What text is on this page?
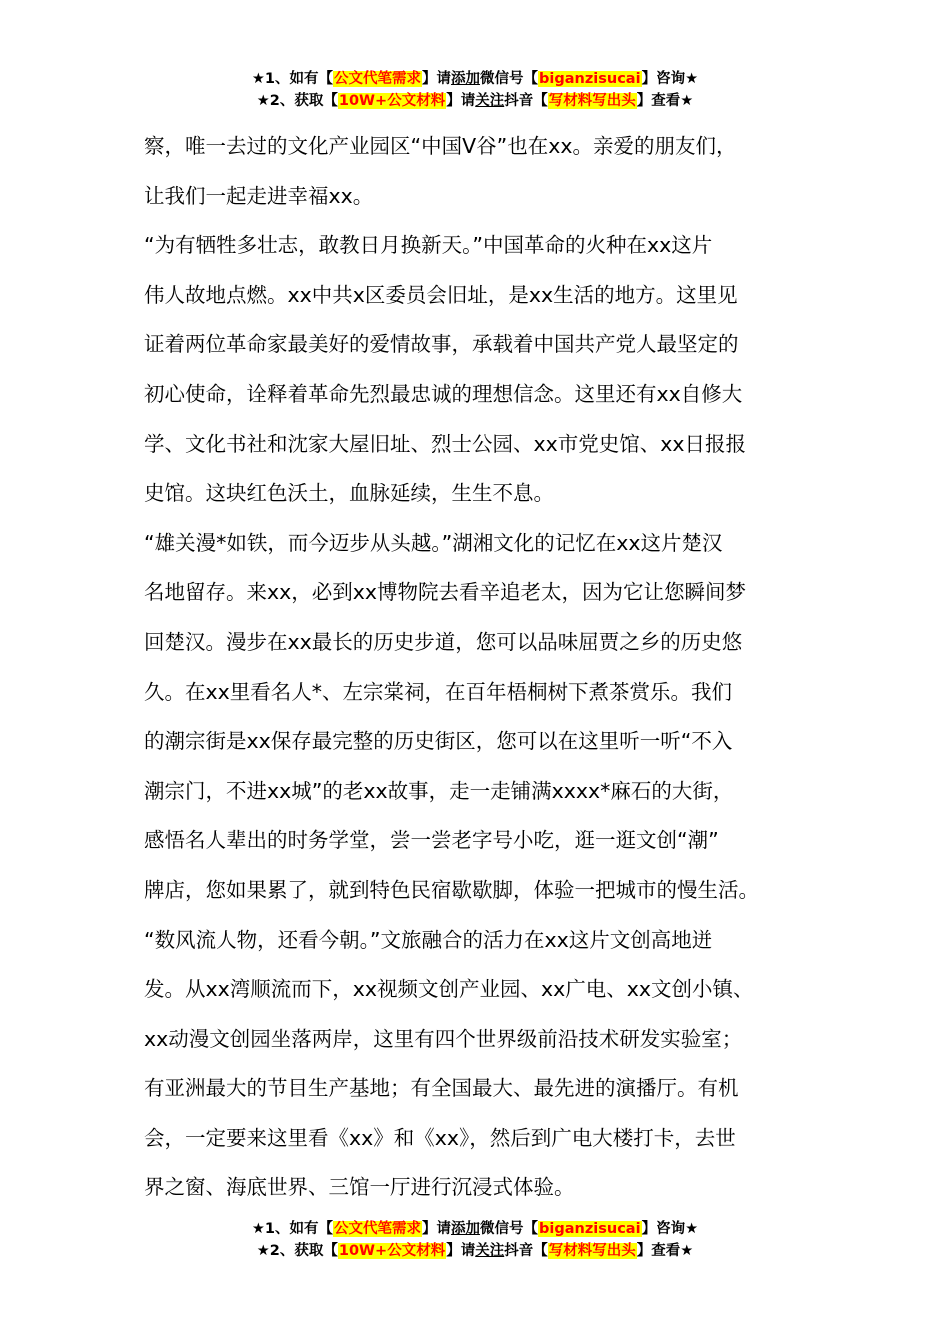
★1、如有【公文代笔需求】请添加微信号【biganzisucai】咨询★
★2、获取【10W+公文材料】请关注抖音【写材料写出头】查看★
察，唯一去过的文化产业园区“中国Ⅴ谷”也在xx。亲爱的朋友们，
让我们一起走进幸福xx。
“为有牺牲多壮志，敢教日月换新天。”中国革命的火种在xx这片
伟人故地点燃。xx中共x区委员会旧址，是xx生活的地方。这里见
证着两位革命家最美好的爱情故事，承载着中国共产党人最坚定的
初心使命，诠释着革命先烈最忠诚的理想信念。这里还有xx自修大
学、文化书社和沈家大屋旧址、烈士公园、xx市党史馆、xx日报报
史馆。这块红色沃土，血脉延续，生生不息。
“雄关漫*如铁，而今迈步从头越。”湖湘文化的记忆在xx这片楚汉
名地留存。来xx，必到xx博物院去看辛追老太，因为它让您瞬间梦
回楚汉。漫步在xx最长的历史步道，您可以品味屈贾之乡的历史悠
久。在xx里看名人*、左宗棠祠，在百年梧桐树下煮茶赏乐。我们
的潮宗街是xx保存最完整的历史街区，您可以在这里听一听“不入
潮宗门，不进xx城”的老xx故事，走一走铺满xxxx*麻石的大街，
感悟名人辈出的时务学堂，尝一尝老字号小吃，逛一逛文创“潮”
牌店，您如果累了，就到特色民宿歇歇脚，体验一把城市的慢生活。
“数风流人物，还看今朝。”文旅融合的活力在xx这片文创高地迸
发。从xx湾顺流而下，xx视频文创产业园、xx广电、xx文创小镇、
xx动漫文创园坐落两岸，这里有四个世界级前沿技术研发实验室；
有亚洲最大的节目生产基地；有全国最大、最先进的演播厅。有机
会，一定要来这里看《xx》和《xx》，然后到广电大楼打卡，去世
界之窗、海底世界、三馆一厅进行沉浸式体验。
★1、如有【公文代笔需求】请添加微信号【biganzisucai】咨询★
★2、获取【10W+公文材料】请关注抖音【写材料写出头】查看★
